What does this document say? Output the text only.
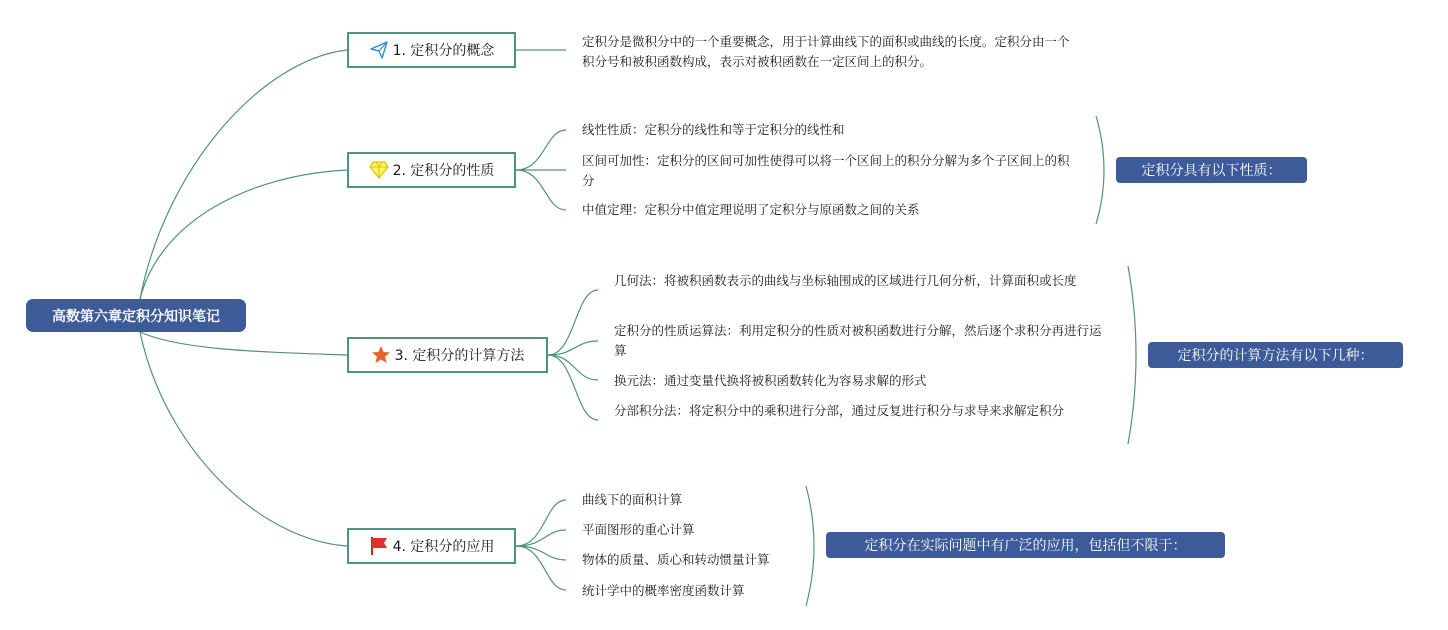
高数第六章定积分知识笔记
1. 定积分的概念
定积分是微积分中的一个重要概念，用于计算曲线下的面积或曲线的长度。定积分由一个积分号和被积函数构成，表示对被积函数在一定区间上的积分。
2. 定积分的性质
线性性质：定积分的线性和等于定积分的线性和
区间可加性：定积分的区间可加性使得可以将一个区间上的积分分解为多个子区间上的积分
中值定理：定积分中值定理说明了定积分与原函数之间的关系
定积分具有以下性质：
3. 定积分的计算方法
几何法：将被积函数表示的曲线与坐标轴围成的区域进行几何分析，计算面积或长度
定积分的性质运算法：利用定积分的性质对被积函数进行分解，然后逐个求积分再进行运算
换元法：通过变量代换将被积函数转化为容易求解的形式
分部积分法：将定积分中的乘积进行分部，通过反复进行积分与求导来求解定积分
定积分的计算方法有以下几种：
4. 定积分的应用
曲线下的面积计算
平面图形的重心计算
物体的质量、质心和转动惯量计算
统计学中的概率密度函数计算
定积分在实际问题中有广泛的应用，包括但不限于：
